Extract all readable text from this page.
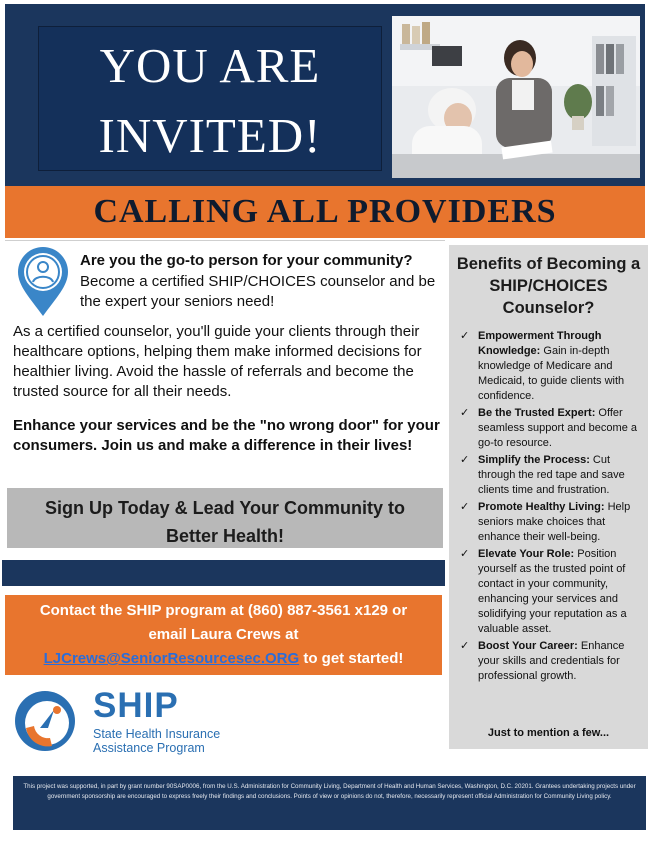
YOU ARE
INVITED!
CALLING ALL PROVIDERS
Are you the go-to person for your community?
Become a certified SHIP/CHOICES counselor and be the expert your seniors need!
As a certified counselor, you'll guide your clients through their healthcare options, helping them make informed decisions for healthier living. Avoid the hassle of referrals and become the trusted source for all their needs.
Enhance your services and be the "no wrong door" for your consumers. Join us and make a difference in their lives!
Sign Up Today & Lead Your Community to Better Health!
Contact the SHIP program at (860) 887-3561 x129 or
email Laura Crews at
LJCrews@SeniorResourcesec.ORG to get started!
SHIP
State Health Insurance
Assistance Program
Benefits of Becoming a SHIP/CHOICES Counselor?
✓ Empowerment Through Knowledge: Gain in-depth knowledge of Medicare and Medicaid, to guide clients with confidence.
✓ Be the Trusted Expert: Offer seamless support and become a go-to resource.
✓ Simplify the Process: Cut through the red tape and save clients time and frustration.
✓ Promote Healthy Living: Help seniors make choices that enhance their well-being.
✓ Elevate Your Role: Position yourself as the trusted point of contact in your community, enhancing your services and solidifying your reputation as a valuable asset.
✓ Boost Your Career: Enhance your skills and credentials for professional growth.
Just to mention a few...
This project was supported, in part by grant number 90SAP0006, from the U.S. Administration for Community Living, Department of Health and Human Services, Washington, D.C. 20201. Grantees undertaking projects under government sponsorship are encouraged to express freely their findings and conclusions. Points of view or opinions do not, therefore, necessarily represent official Administration for Community Living policy.
